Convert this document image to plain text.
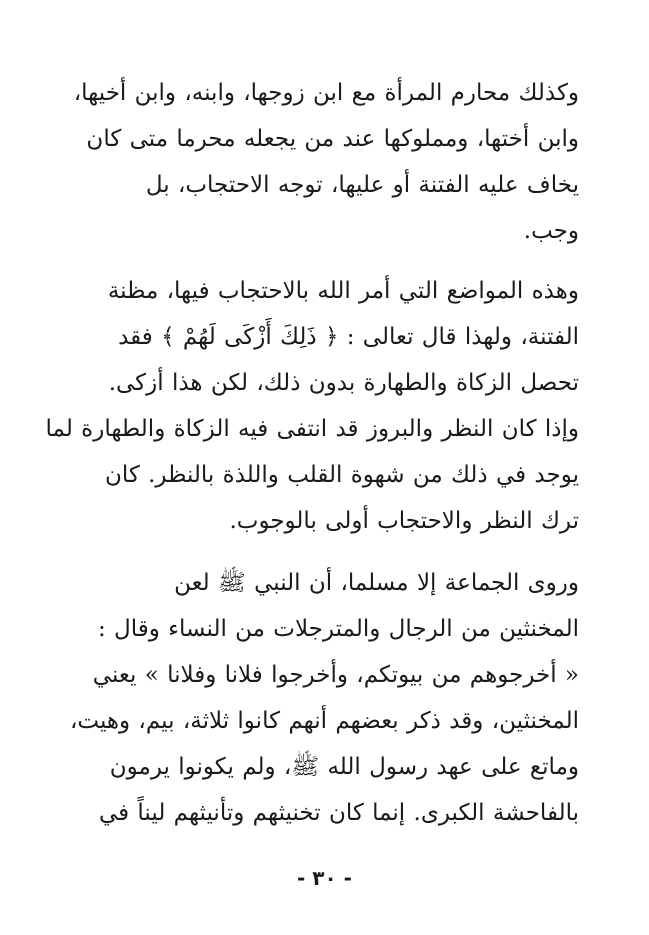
وكذلك محارم المرأة مع ابن زوجها، وابنه، وابن أخيها،
وابن أختها، ومملوكها عند من يجعله محرما متى كان
يخاف عليه الفتنة أو عليها، توجه الاحتجاب، بل
وجب.

وهذه المواضع التي أمر الله بالاحتجاب فيها، مظنة
الفتنة، ولهذا قال تعالى : ﴿ ذَلِكَ أَزْكَى لَهُمْ ﴾ فقد
تحصل الزكاة والطهارة بدون ذلك، لكن هذا أزكى.
وإذا كان النظر والبروز قد انتفى فيه الزكاة والطهارة لما
يوجد في ذلك من شهوة القلب واللذة بالنظر. كان
ترك النظر والاحتجاب أولى بالوجوب.

وروى الجماعة إلا مسلما، أن النبي ﷺ لعن
المخنثين من الرجال والمترجلات من النساء وقال :
« أخرجوهم من بيوتكم، وأخرجوا فلانا وفلانا » يعني
المخنثين، وقد ذكر بعضهم أنهم كانوا ثلاثة، بيم، وهيت،
وماتع على عهد رسول الله ﷺ، ولم يكونوا يرمون
بالفاحشة الكبرى. إنما كان تخنيثهم وتأنيثهم ليناً في

- ٣٠ -
